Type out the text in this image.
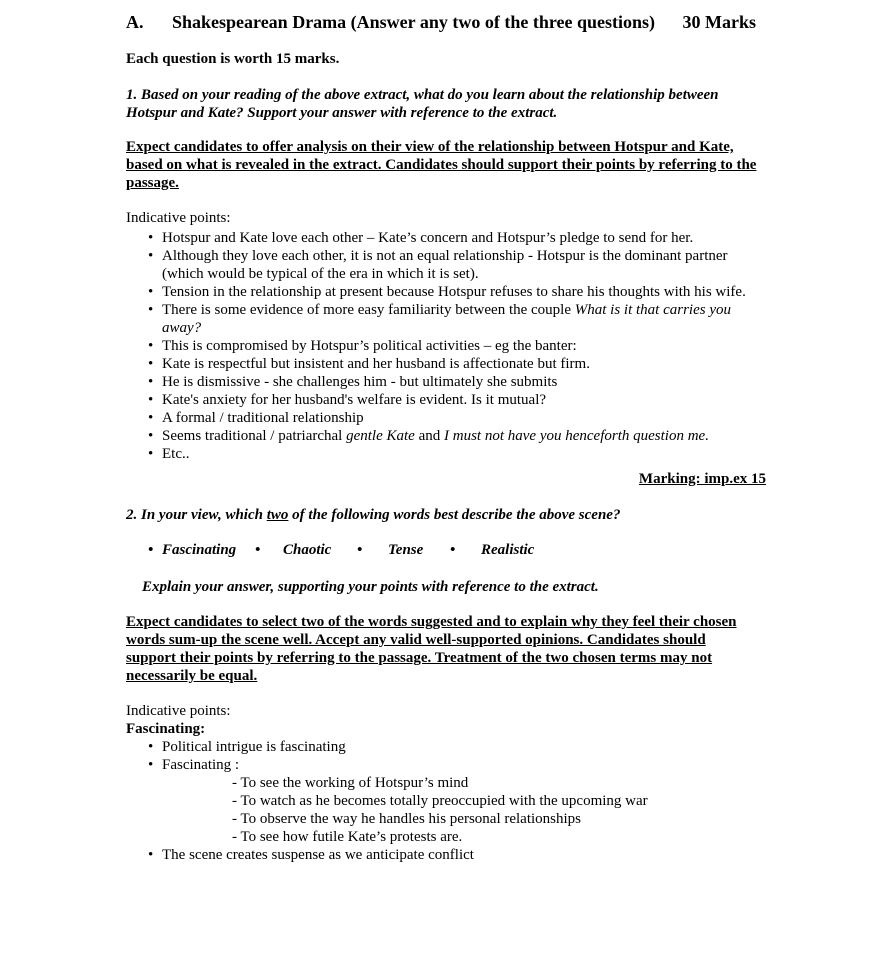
A. Shakespearean Drama (Answer any two of the three questions) 30 Marks
Each question is worth 15 marks.
1. Based on your reading of the above extract, what do you learn about the relationship between Hotspur and Kate? Support your answer with reference to the extract.
Expect candidates to offer analysis on their view of the relationship between Hotspur and Kate, based on what is revealed in the extract. Candidates should support their points by referring to the passage.
Indicative points:
• Hotspur and Kate love each other – Kate’s concern and Hotspur’s pledge to send for her.
• Although they love each other, it is not an equal relationship - Hotspur is the dominant partner (which would be typical of the era in which it is set).
• Tension in the relationship at present because Hotspur refuses to share his thoughts with his wife.
• There is some evidence of more easy familiarity between the couple What is it that carries you away?
• This is compromised by Hotspur’s political activities – eg the banter:
• Kate is respectful but insistent and her husband is affectionate but firm.
• He is dismissive - she challenges him - but ultimately she submits
• Kate's anxiety for her husband's welfare is evident. Is it mutual?
• A formal / traditional relationship
• Seems traditional / patriarchal gentle Kate and I must not have you henceforth question me.
• Etc..
Marking: imp.ex 15
2. In your view, which two of the following words best describe the above scene?
• Fascinating • Chaotic • Tense • Realistic
Explain your answer, supporting your points with reference to the extract.
Expect candidates to select two of the words suggested and to explain why they feel their chosen words sum-up the scene well. Accept any valid well-supported opinions. Candidates should support their points by referring to the passage. Treatment of the two chosen terms may not necessarily be equal.
Indicative points:
Fascinating:
• Political intrigue is fascinating
• Fascinating :
- To see the working of Hotspur’s mind
- To watch as he becomes totally preoccupied with the upcoming war
- To observe the way he handles his personal relationships
- To see how futile Kate’s protests are.
• The scene creates suspense as we anticipate conflict
